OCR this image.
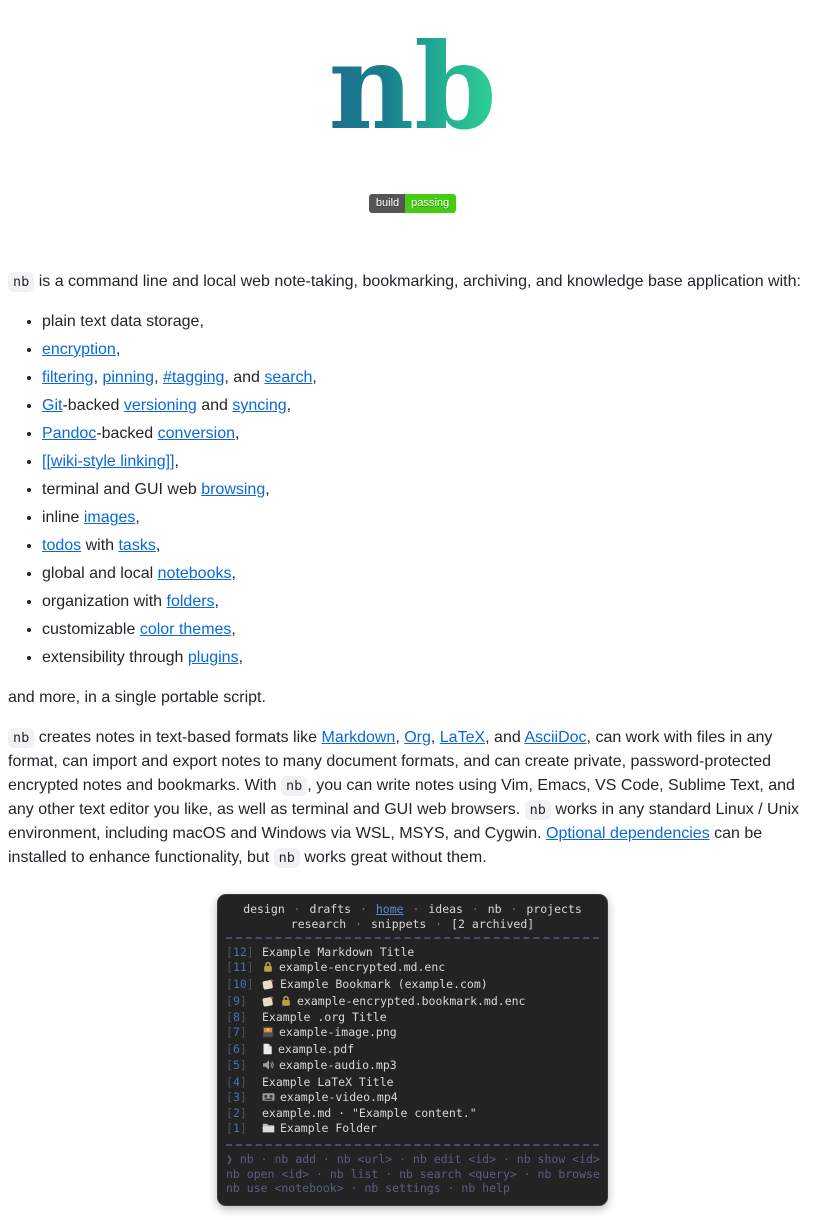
nb
build	passing

nb is a command line and local web note-taking, bookmarking, archiving, and knowledge base application with:

• plain text data storage,
• encryption,
• filtering, pinning, #tagging, and search,
• Git-backed versioning and syncing,
• Pandoc-backed conversion,
• [[wiki-style linking]],
• terminal and GUI web browsing,
• inline images,
• todos with tasks,
• global and local notebooks,
• organization with folders,
• customizable color themes,
• extensibility through plugins,

and more, in a single portable script.

nb creates notes in text-based formats like Markdown, Org, LaTeX, and AsciiDoc, can work with files in any format, can import and export notes to many document formats, and can create private, password-protected encrypted notes and bookmarks. With nb , you can write notes using Vim, Emacs, VS Code, Sublime Text, and any other text editor you like, as well as terminal and GUI web browsers. nb works in any standard Linux / Unix environment, including macOS and Windows via WSL, MSYS, and Cygwin. Optional dependencies can be installed to enhance functionality, but nb works great without them.

design · drafts · home · ideas · nb · projects
research · snippets · [2 archived]
[12] Example Markdown Title
[11] example-encrypted.md.enc
[10] Example Bookmark (example.com)
[9]	example-encrypted.bookmark.md.enc
[8] Example .org Title
[7]	example-image.png
[6]	example.pdf
[5]	example-audio.mp3
[4] Example LaTeX Title
[3]	example-video.mp4
[2] example.md · "Example content."
[1]	Example Folder
❯ nb · nb add · nb <url> · nb edit <id> · nb show <id>
nb open <id> · nb list · nb search <query> · nb browse
nb use <notebook> · nb settings · nb help
